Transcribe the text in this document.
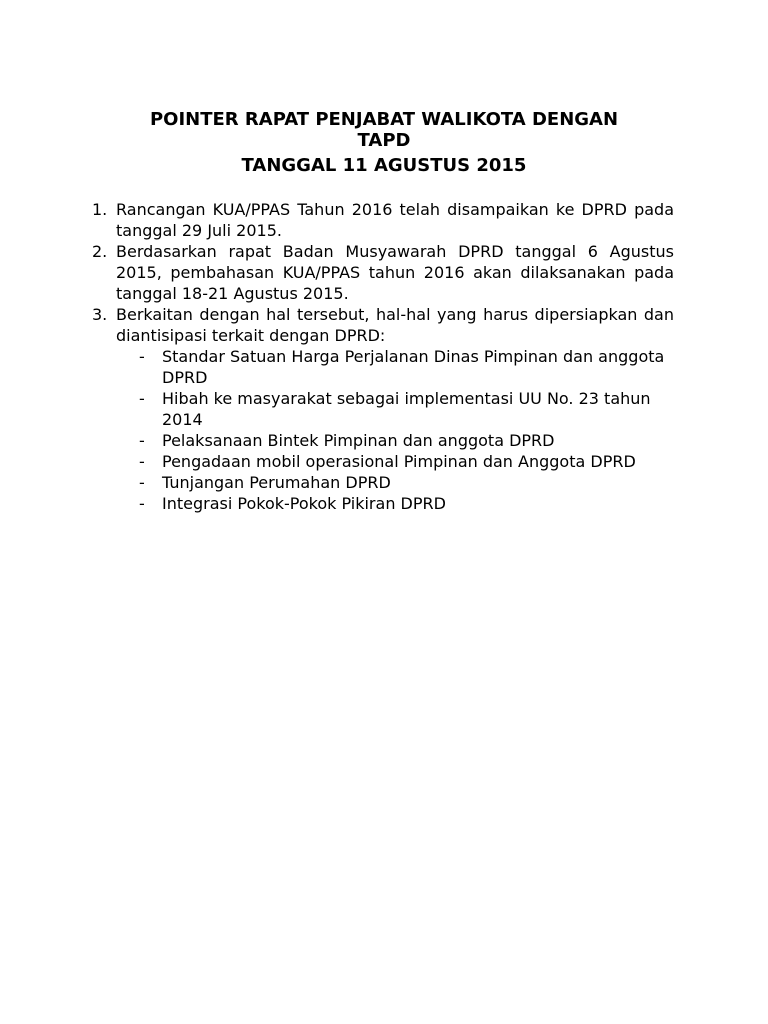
POINTER RAPAT PENJABAT WALIKOTA DENGAN
TAPD
TANGGAL 11 AGUSTUS 2015
1. Rancangan KUA/PPAS Tahun 2016 telah disampaikan ke DPRD pada tanggal 29 Juli 2015.
2. Berdasarkan rapat Badan Musyawarah DPRD tanggal 6 Agustus 2015, pembahasan KUA/PPAS tahun 2016 akan dilaksanakan pada tanggal 18-21 Agustus 2015.
3. Berkaitan dengan hal tersebut, hal-hal yang harus dipersiapkan dan diantisipasi terkait dengan DPRD:
- Standar Satuan Harga Perjalanan Dinas Pimpinan dan anggota DPRD
- Hibah ke masyarakat sebagai implementasi UU No. 23 tahun 2014
- Pelaksanaan Bintek Pimpinan dan anggota DPRD
- Pengadaan mobil operasional Pimpinan dan Anggota DPRD
- Tunjangan Perumahan DPRD
- Integrasi Pokok-Pokok Pikiran DPRD
